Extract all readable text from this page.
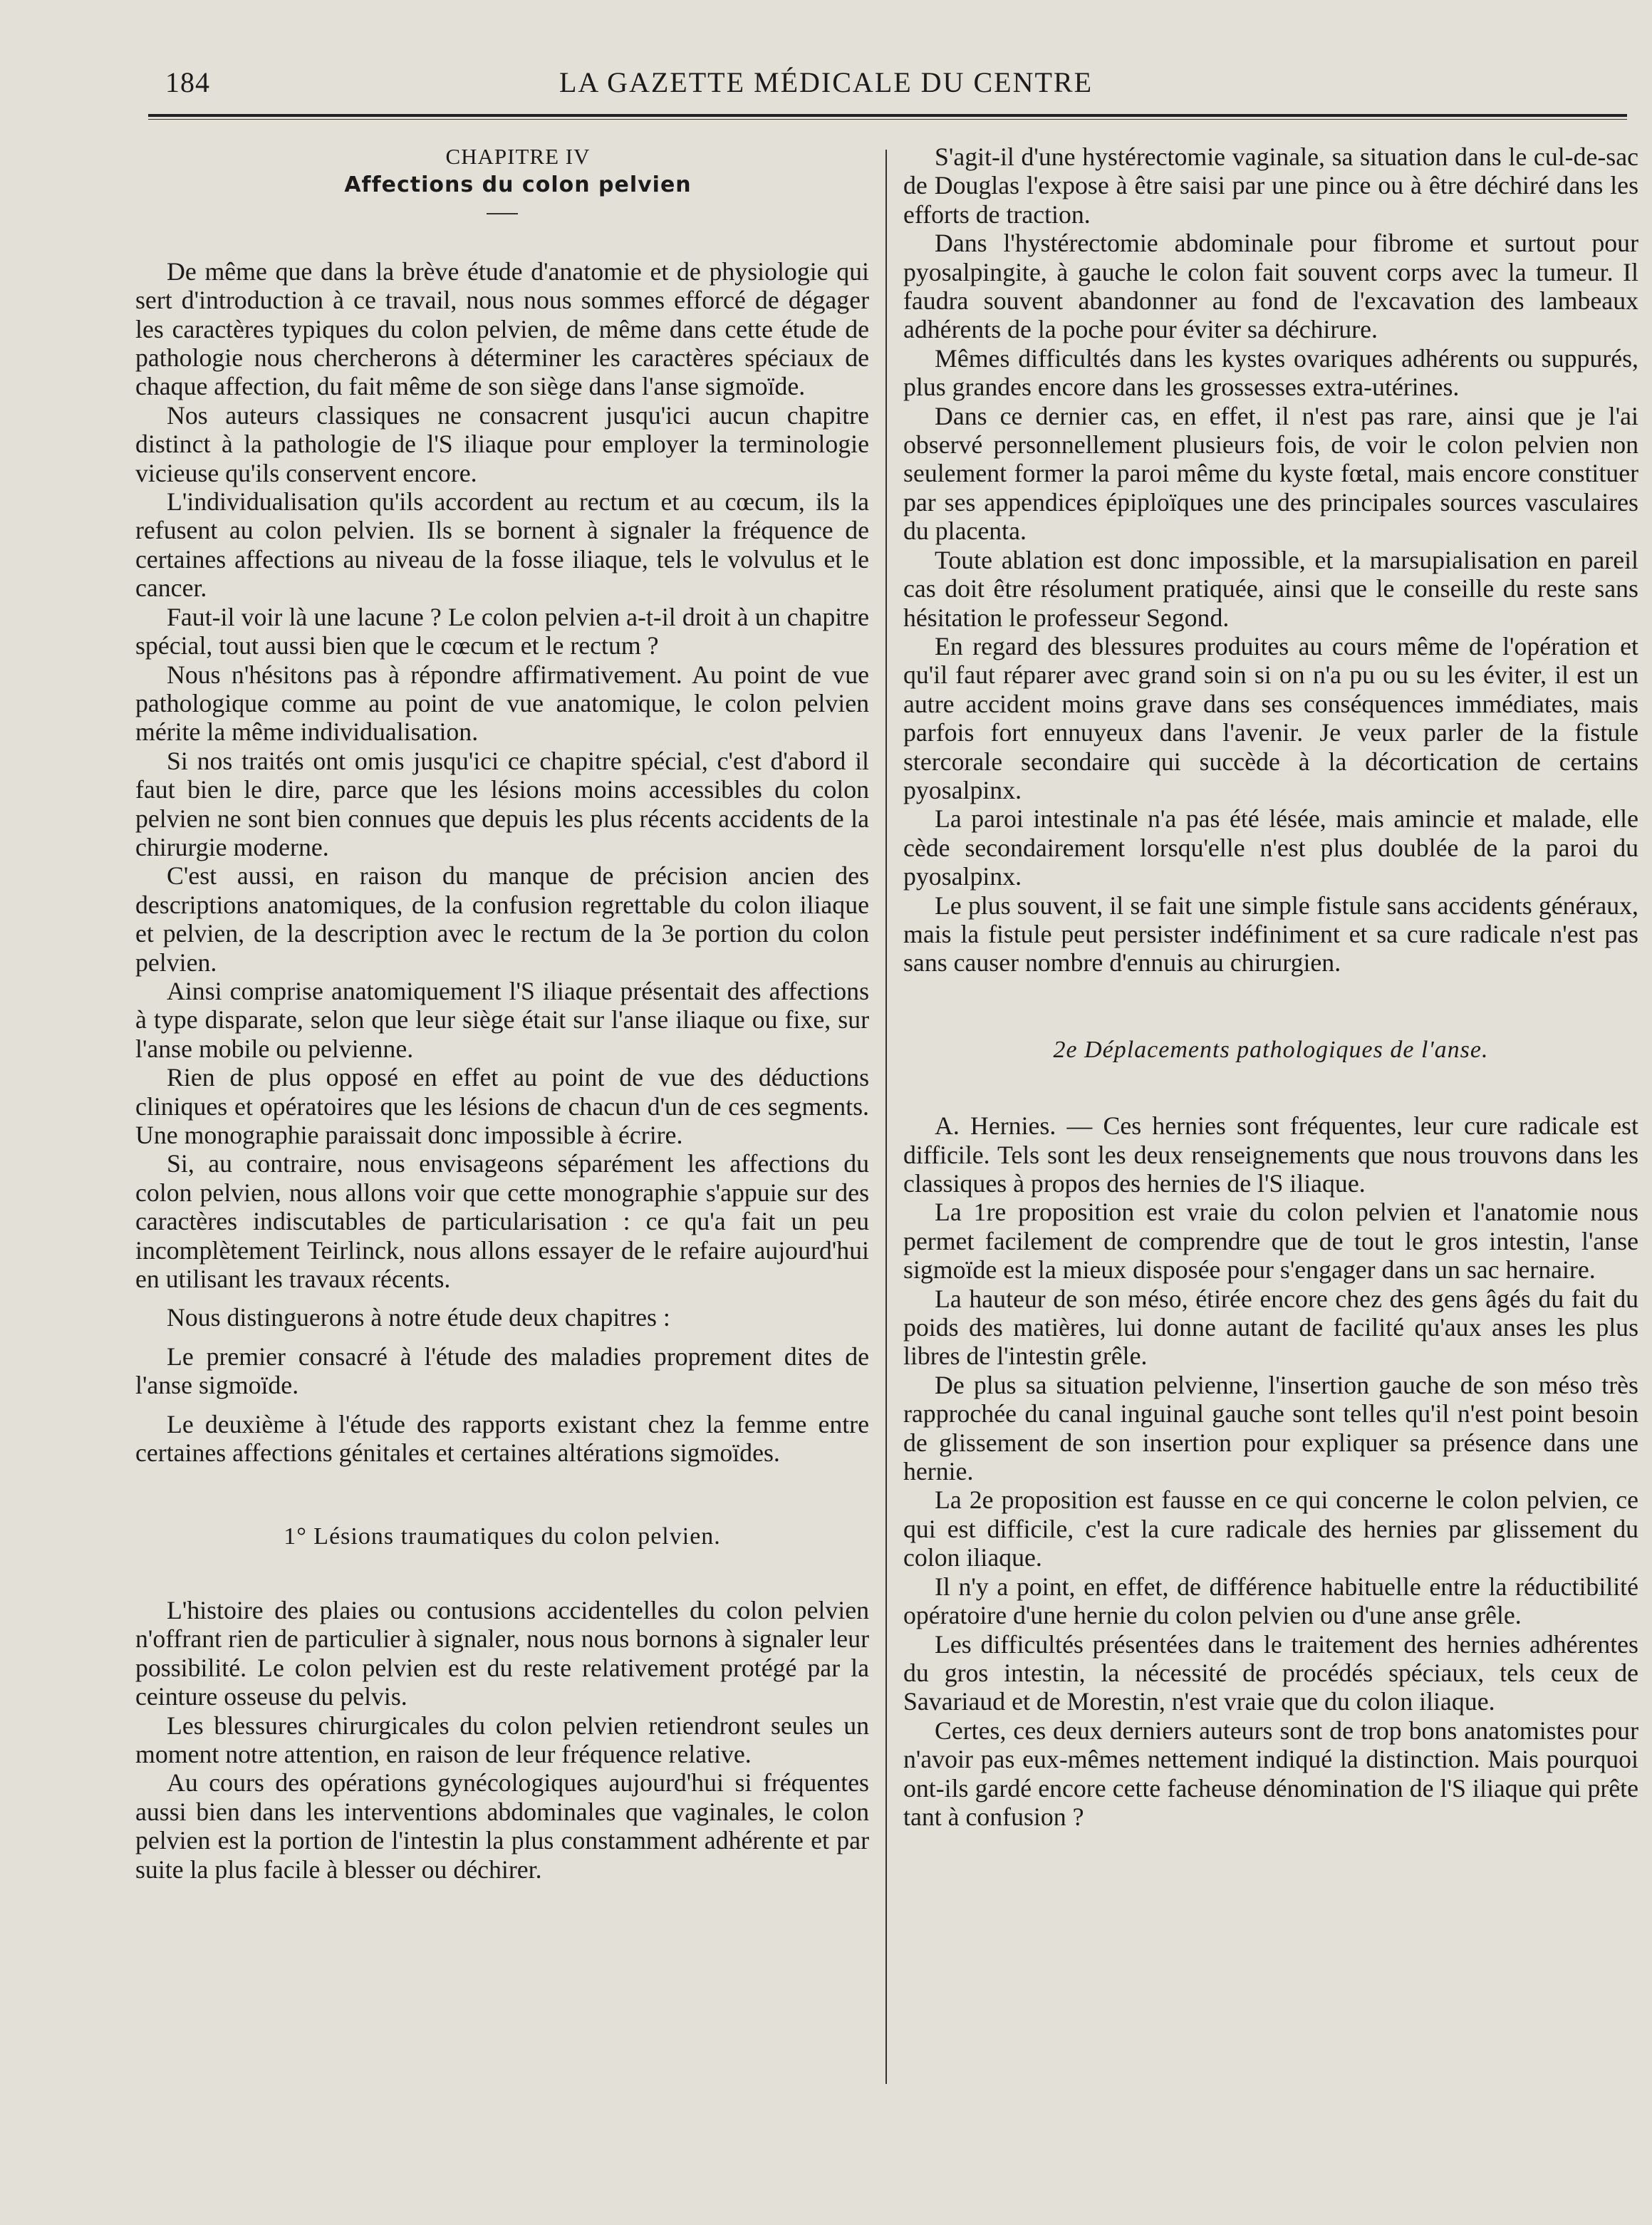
184	LA GAZETTE MÉDICALE DU CENTRE

CHAPITRE IV

Affections du colon pelvien

De même que dans la brève étude d'anatomie et de physiologie qui sert d'introduction à ce travail, nous nous sommes efforcé de dégager les caractères typiques du colon pelvien, de même dans cette étude de pathologie nous chercherons à déterminer les caractères spéciaux de chaque affection, du fait même de son siège dans l'anse sigmoïde.

Nos auteurs classiques ne consacrent jusqu'ici aucun chapitre distinct à la pathologie de l'S iliaque pour employer la terminologie vicieuse qu'ils conservent encore.

L'individualisation qu'ils accordent au rectum et au cœcum, ils la refusent au colon pelvien. Ils se bornent à signaler la fréquence de certaines affections au niveau de la fosse iliaque, tels le volvulus et le cancer.

Faut-il voir là une lacune ? Le colon pelvien a-t-il droit à un chapitre spécial, tout aussi bien que le cœcum et le rectum ?

Nous n'hésitons pas à répondre affirmativement. Au point de vue pathologique comme au point de vue anatomique, le colon pelvien mérite la même individualisation.

Si nos traités ont omis jusqu'ici ce chapitre spécial, c'est d'abord il faut bien le dire, parce que les lésions moins accessibles du colon pelvien ne sont bien connues que depuis les plus récents accidents de la chirurgie moderne.

C'est aussi, en raison du manque de précision ancien des descriptions anatomiques, de la confusion regrettable du colon iliaque et pelvien, de la description avec le rectum de la 3e portion du colon pelvien.

Ainsi comprise anatomiquement l'S iliaque présentait des affections à type disparate, selon que leur siège était sur l'anse iliaque ou fixe, sur l'anse mobile ou pelvienne.

Rien de plus opposé en effet au point de vue des déductions cliniques et opératoires que les lésions de chacun d'un de ces segments. Une monographie paraissait donc impossible à écrire.

Si, au contraire, nous envisageons séparément les affections du colon pelvien, nous allons voir que cette monographie s'appuie sur des caractères indiscutables de particularisation : ce qu'a fait un peu incomplètement Teirlinck, nous allons essayer de le refaire aujourd'hui en utilisant les travaux récents.

Nous distinguerons à notre étude deux chapitres :

Le premier consacré à l'étude des maladies proprement dites de l'anse sigmoïde.

Le deuxième à l'étude des rapports existant chez la femme entre certaines affections génitales et certaines altérations sigmoïdes.

1° Lésions traumatiques du colon pelvien.

L'histoire des plaies ou contusions accidentelles du colon pelvien n'offrant rien de particulier à signaler, nous nous bornons à signaler leur possibilité. Le colon pelvien est du reste relativement protégé par la ceinture osseuse du pelvis.

Les blessures chirurgicales du colon pelvien retiendront seules un moment notre attention, en raison de leur fréquence relative.

Au cours des opérations gynécologiques aujourd'hui si fréquentes aussi bien dans les interventions abdominales que vaginales, le colon pelvien est la portion de l'intestin la plus constamment adhérente et par suite la plus facile à blesser ou déchirer.

S'agit-il d'une hystérectomie vaginale, sa situation dans le cul-de-sac de Douglas l'expose à être saisi par une pince ou à être déchiré dans les efforts de traction.

Dans l'hystérectomie abdominale pour fibrome et surtout pour pyosalpingite, à gauche le colon fait souvent corps avec la tumeur. Il faudra souvent abandonner au fond de l'excavation des lambeaux adhérents de la poche pour éviter sa déchirure.

Mêmes difficultés dans les kystes ovariques adhérents ou suppurés, plus grandes encore dans les grossesses extra-utérines.

Dans ce dernier cas, en effet, il n'est pas rare, ainsi que je l'ai observé personnellement plusieurs fois, de voir le colon pelvien non seulement former la paroi même du kyste fœtal, mais encore constituer par ses appendices épiploïques une des principales sources vasculaires du placenta.

Toute ablation est donc impossible, et la marsupialisation en pareil cas doit être résolument pratiquée, ainsi que le conseille du reste sans hésitation le professeur Segond.

En regard des blessures produites au cours même de l'opération et qu'il faut réparer avec grand soin si on n'a pu ou su les éviter, il est un autre accident moins grave dans ses conséquences immédiates, mais parfois fort ennuyeux dans l'avenir. Je veux parler de la fistule stercorale secondaire qui succède à la décortication de certains pyosalpinx.

La paroi intestinale n'a pas été lésée, mais amincie et malade, elle cède secondairement lorsqu'elle n'est plus doublée de la paroi du pyosalpinx.

Le plus souvent, il se fait une simple fistule sans accidents généraux, mais la fistule peut persister indéfiniment et sa cure radicale n'est pas sans causer nombre d'ennuis au chirurgien.

2e Déplacements pathologiques de l'anse.

A. Hernies. — Ces hernies sont fréquentes, leur cure radicale est difficile. Tels sont les deux renseignements que nous trouvons dans les classiques à propos des hernies de l'S iliaque.

La 1re proposition est vraie du colon pelvien et l'anatomie nous permet facilement de comprendre que de tout le gros intestin, l'anse sigmoïde est la mieux disposée pour s'engager dans un sac hernaire.

La hauteur de son méso, étirée encore chez des gens âgés du fait du poids des matières, lui donne autant de facilité qu'aux anses les plus libres de l'intestin grêle.

De plus sa situation pelvienne, l'insertion gauche de son méso très rapprochée du canal inguinal gauche sont telles qu'il n'est point besoin de glissement de son insertion pour expliquer sa présence dans une hernie.

La 2e proposition est fausse en ce qui concerne le colon pelvien, ce qui est difficile, c'est la cure radicale des hernies par glissement du colon iliaque.

Il n'y a point, en effet, de différence habituelle entre la réductibilité opératoire d'une hernie du colon pelvien ou d'une anse grêle.

Les difficultés présentées dans le traitement des hernies adhérentes du gros intestin, la nécessité de procédés spéciaux, tels ceux de Savariaud et de Morestin, n'est vraie que du colon iliaque.

Certes, ces deux derniers auteurs sont de trop bons anatomistes pour n'avoir pas eux-mêmes nettement indiqué la distinction. Mais pourquoi ont-ils gardé encore cette facheuse dénomination de l'S iliaque qui prête tant à confusion ?
